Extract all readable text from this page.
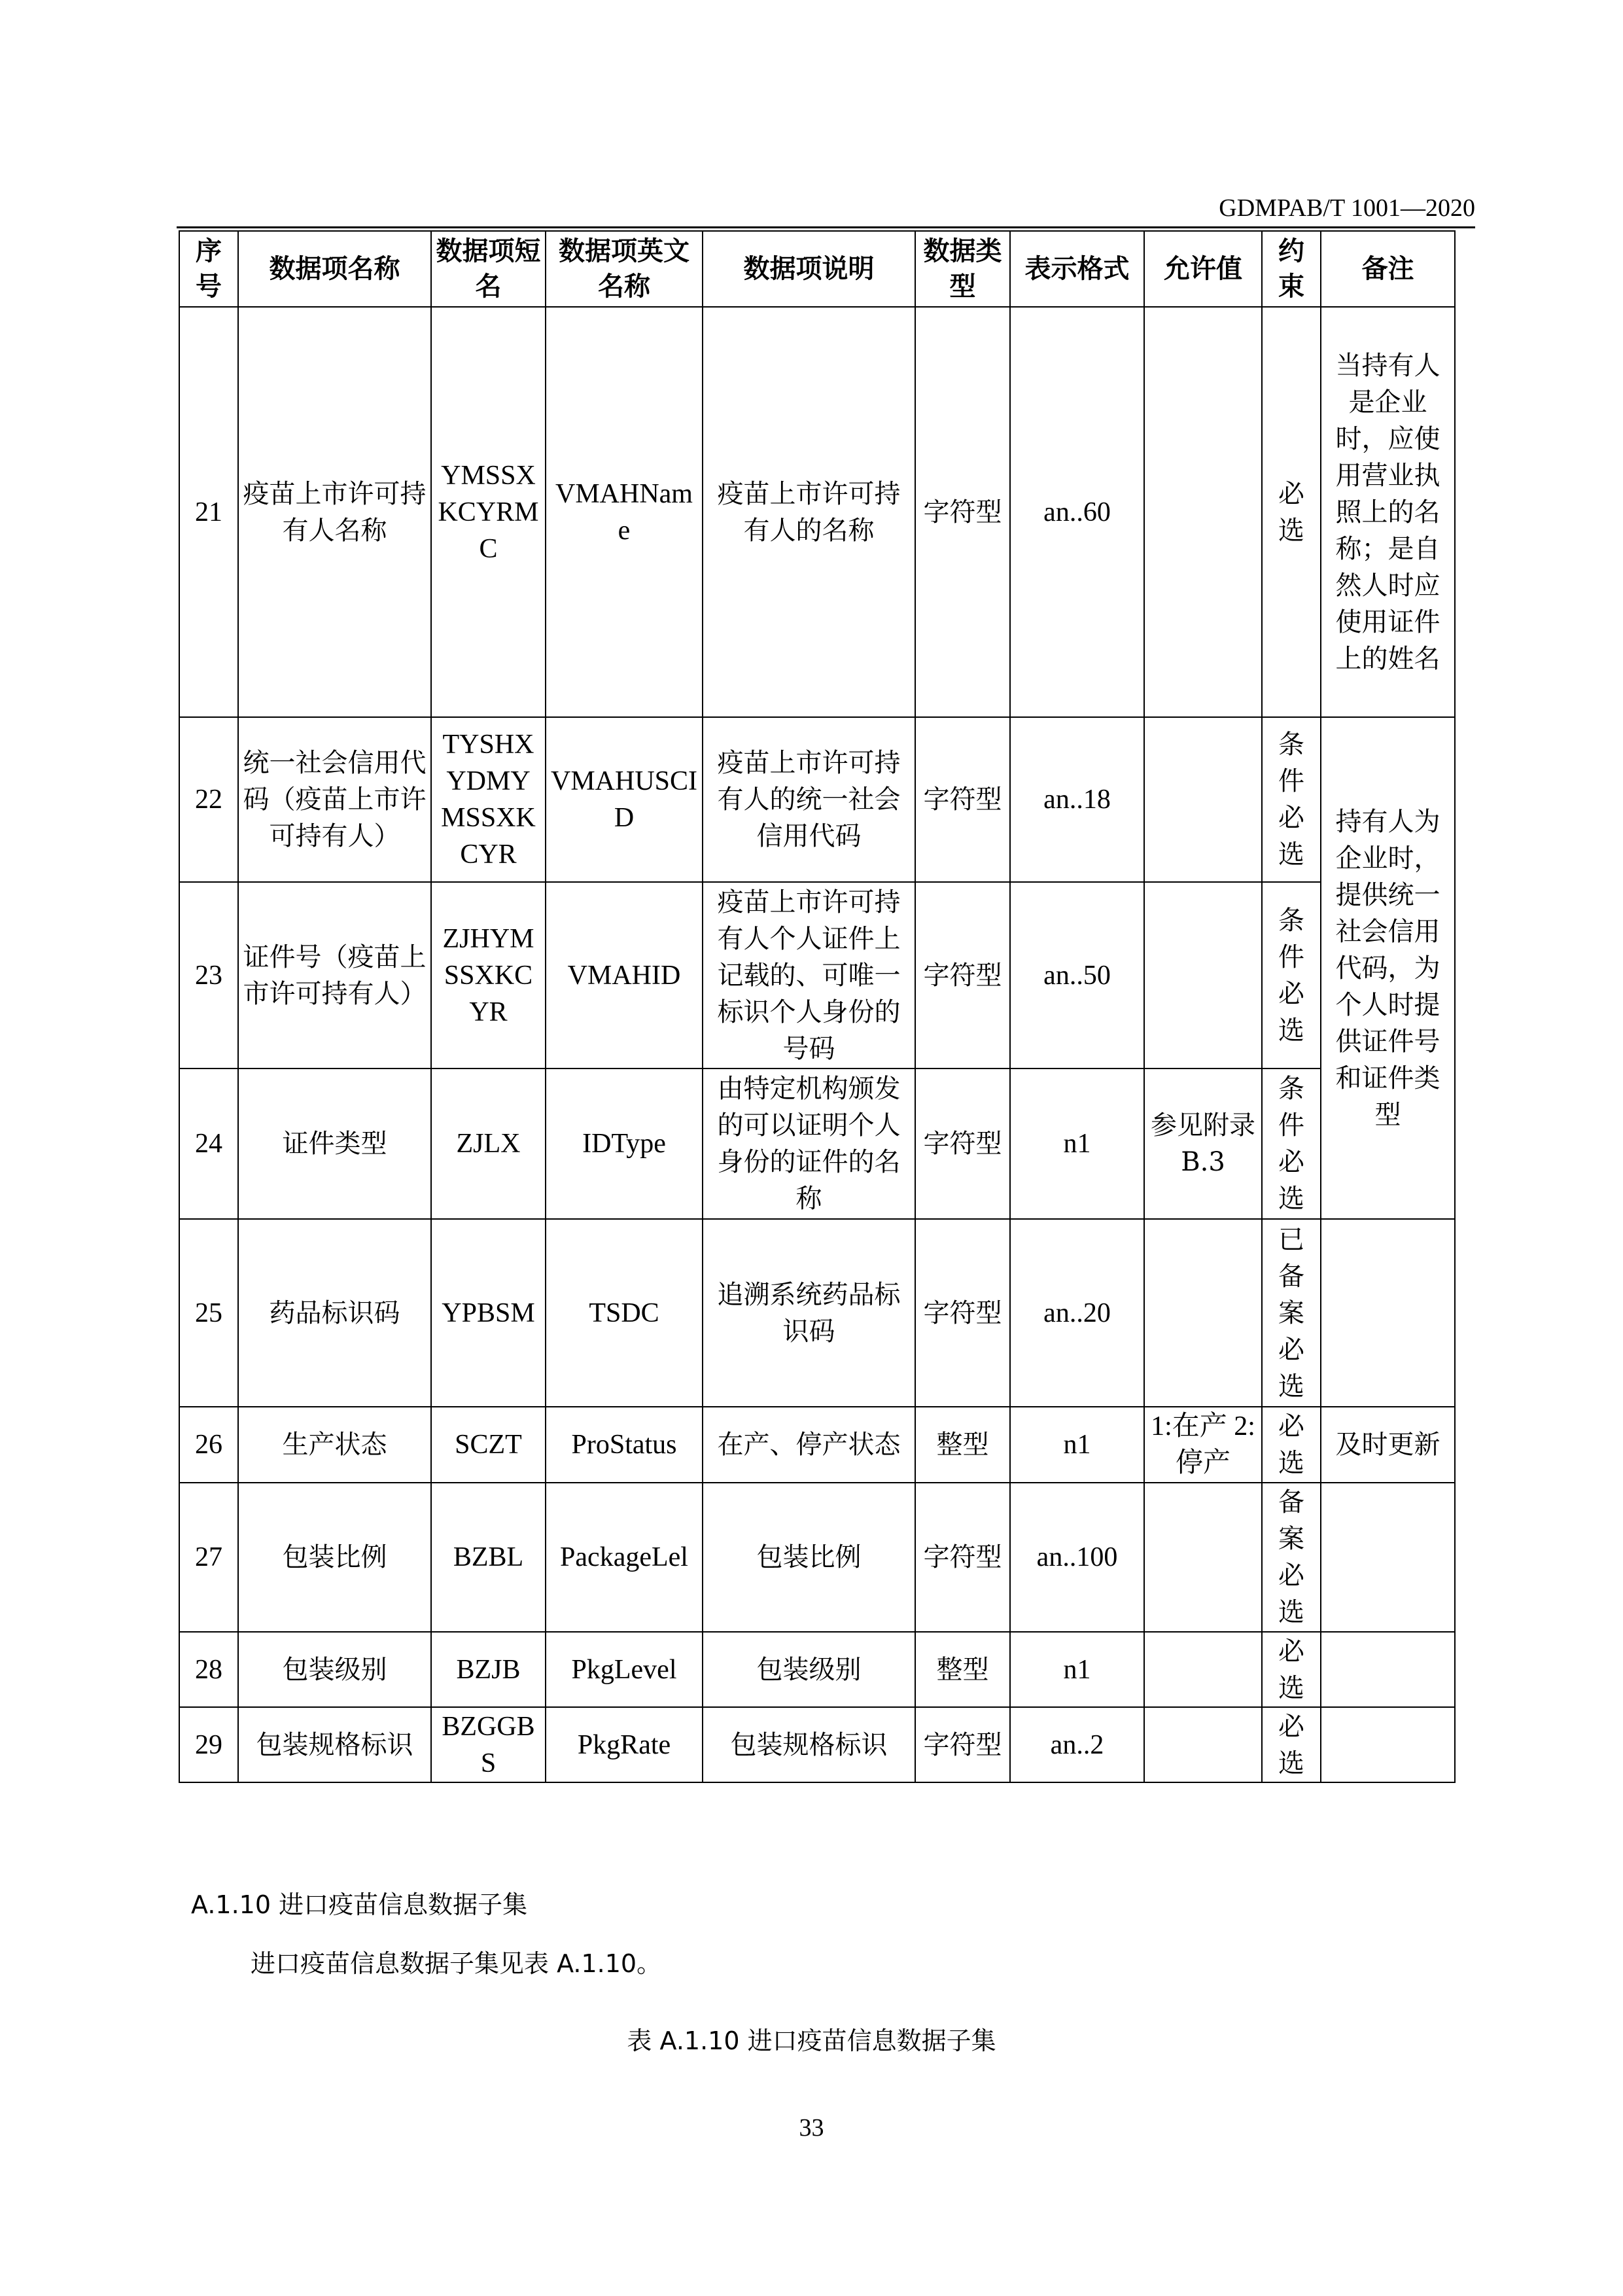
GDMPAB/T 1001—2020
序号	数据项名称	数据项短名	数据项英文名称	数据项说明	数据类型	表示格式	允许值	约束	备注
21	疫苗上市许可持有人名称	YMSSXKCYRMC	VMAHName	疫苗上市许可持有人的名称	字符型	an..60		必选	当持有人是企业时，应使用营业执照上的名称；是自然人时应使用证件上的姓名
22	统一社会信用代码（疫苗上市许可持有人）	TYSHXYDMYMSSXKCYR	VMAHUSCID	疫苗上市许可持有人的统一社会信用代码	字符型	an..18		条件必选	持有人为企业时，提供统一社会信用代码，为个人时提供证件号和证件类型
23	证件号（疫苗上市许可持有人）	ZJHYMSSXKCYR	VMAHID	疫苗上市许可持有人个人证件上记载的、可唯一标识个人身份的号码	字符型	an..50		条件必选	
24	证件类型	ZJLX	IDType	由特定机构颁发的可以证明个人身份的证件的名称	字符型	n1	参见附录B.3	条件必选	
25	药品标识码	YPBSM	TSDC	追溯系统药品标识码	字符型	an..20		已备案必选	
26	生产状态	SCZT	ProStatus	在产、停产状态	整型	n1	1:在产 2:停产	必选	及时更新
27	包装比例	BZBL	PackageLel	包装比例	字符型	an..100		备案必选	
28	包装级别	BZJB	PkgLevel	包装级别	整型	n1		必选	
29	包装规格标识	BZGGBS	PkgRate	包装规格标识	字符型	an..2		必选	
A.1.10 进口疫苗信息数据子集
进口疫苗信息数据子集见表 A.1.10。
表 A.1.10 进口疫苗信息数据子集
33
